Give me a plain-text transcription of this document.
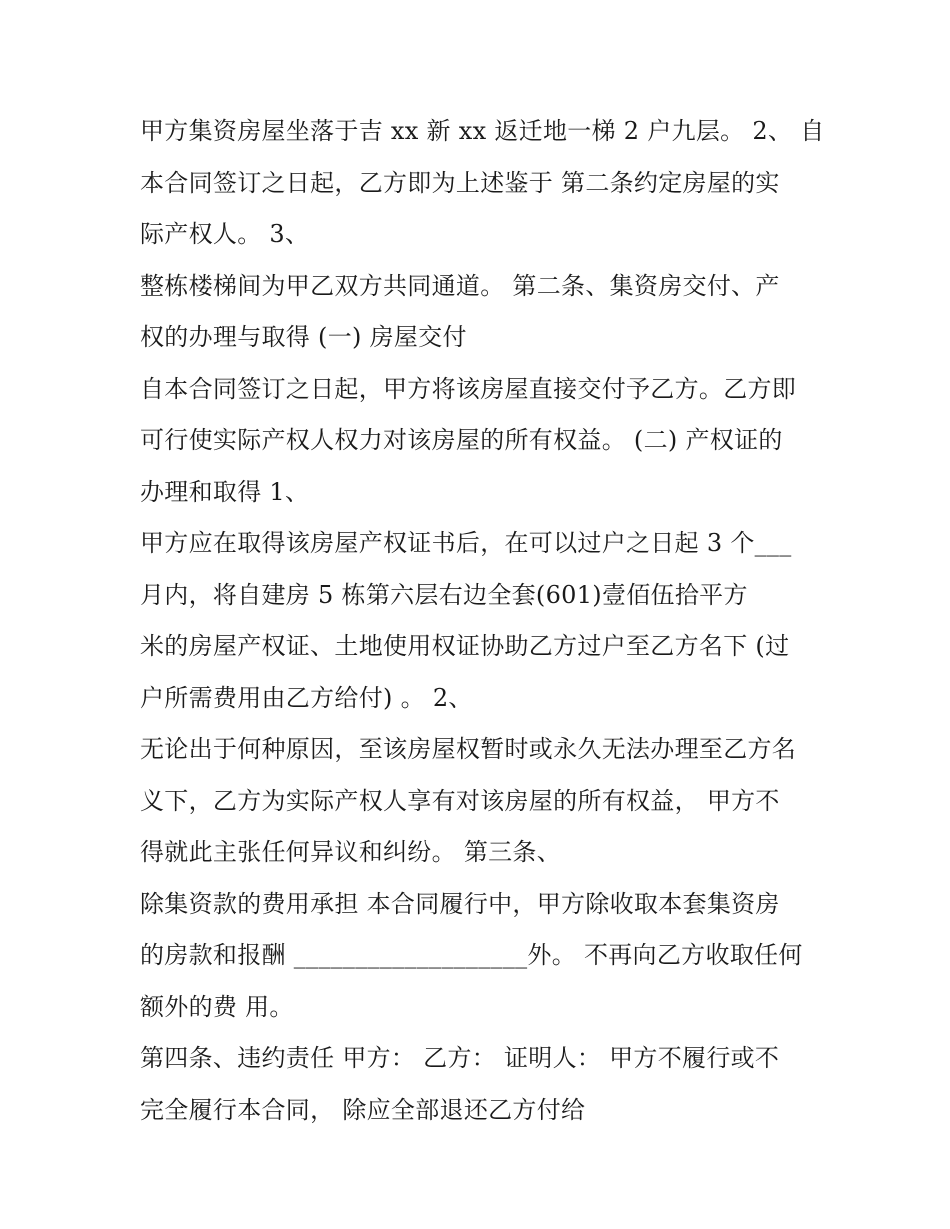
甲方集资房屋坐落于吉 xx 新 xx 返迁地一梯 2 户九层。 2、 自
本合同签订之日起，乙方即为上述鉴于 第二条约定房屋的实
际产权人。 3、
整栋楼梯间为甲乙双方共同通道。 第二条、集资房交付、产
权的办理与取得 (一) 房屋交付
自本合同签订之日起，甲方将该房屋直接交付予乙方。乙方即
可行使实际产权人权力对该房屋的所有权益。 (二) 产权证的
办理和取得 1、
甲方应在取得该房屋产权证书后，在可以过户之日起 3 个___
月内，将自建房 5 栋第六层右边全套(601)壹佰伍拾平方
米的房屋产权证、土地使用权证协助乙方过户至乙方名下 (过
户所需费用由乙方给付) 。 2、
无论出于何种原因，至该房屋权暂时或永久无法办理至乙方名
义下，乙方为实际产权人享有对该房屋的所有权益， 甲方不
得就此主张任何异议和纠纷。 第三条、
除集资款的费用承担 本合同履行中，甲方除收取本套集资房
的房款和报酬 ___________________外。 不再向乙方收取任何
额外的费 用。
第四条、违约责任 甲方： 乙方： 证明人： 甲方不履行或不
完全履行本合同， 除应全部退还乙方付给
